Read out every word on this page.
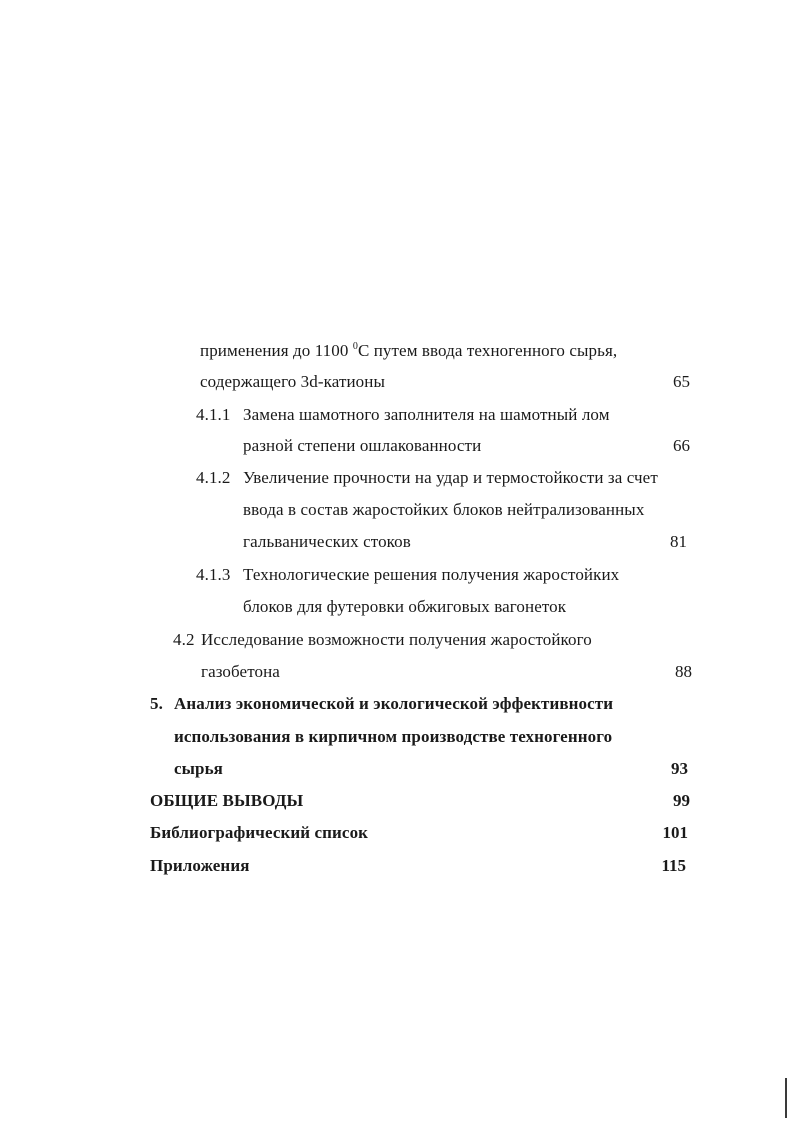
применения до 1100 $^0$С путем ввода техногенного сырья,
содержащего 3d-катионы	65
4.1.1 Замена шамотного заполнителя на шамотный лом
разной степени ошлакованности	66
4.1.2 Увеличение прочности на удар и термостойкости за счет
ввода в состав жаростойких блоков нейтрализованных
гальванических стоков	81
4.1.3 Технологические решения получения жаростойких
блоков для футеровки обжиговых вагонеток
4.2 Исследование возможности получения жаростойкого
газобетона	88
5. Анализ экономической и экологической эффективности
использования в кирпичном производстве техногенного
сырья	93
ОБЩИЕ ВЫВОДЫ	99
Библиографический список	101
Приложения	115
